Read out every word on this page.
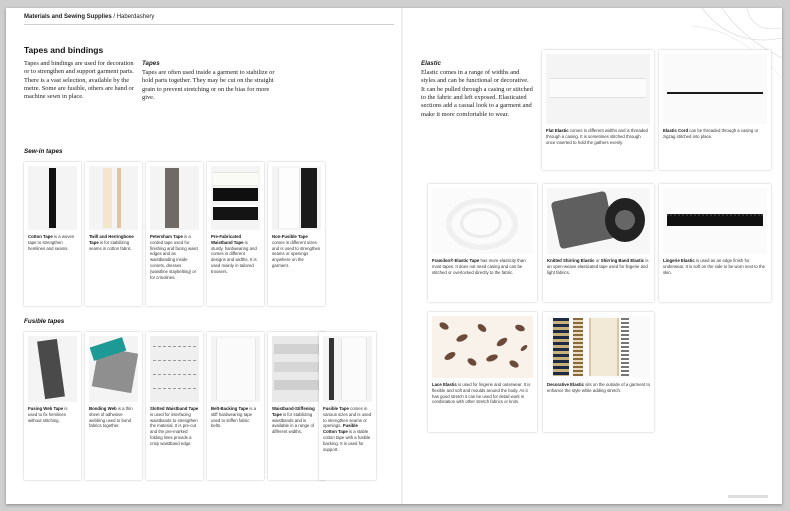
Materials and Sewing Supplies / Haberdashery
Tapes and bindings
Tapes and bindings are used for decoration or to strengthen and support garment parts. There is a vast selection, available by the metre. Some are fusible, others are hand or machine sewn in place.
Tapes
Tapes are often used inside a garment to stabilize or hold parts together. They may be cut on the straight grain to prevent stretching or on the bias for more give.
Elastic
Elastic comes in a range of widths and styles and can be functional or decorative. It can be pulled through a casing or stitched to the fabric and left exposed. Elasticated sections add a casual look to a garment and make it more comfortable to wear.
Sew-in tapes
Cotton Tape is a woven tape to strengthen hemlines and seams.
Twill and Herringbone Tape is for stabilizing seams in cotton fabric.
Petersham Tape is a corded tape used for finishing and facing waist edges and as waistbanding inside corsets, dresses (waistline staybelting) or for crinolines.
Pre-Fabricated Waistband Tape is sturdy, hardwearing and comes in different designs and widths. It is used mainly in tailored trousers.
Non-Fusible Tape comes in different sizes and is used to strengthen seams or openings anywhere on the garment.
Fusible tapes
Fusing Web Tape is used to fix hemlines without stitching.
Bonding Web is a thin sheet of adhesive webbing used to bond fabrics together.
Slotted Waistband Tape is used for interfacing waistbands to strengthen the material. It is pre-cut and the pre-marked folding lines provide a crisp waistband edge.
Belt-Backing Tape is a stiff hardwearing tape used to stiffen fabric belts.
Waistband-Stiffening Tape is for stabilizing waistbands and is available in a range of different widths.
Fusible Tape comes in various sizes and is used to strengthen seams or openings. Fusible Cotton Tape is a stable cotton tape with a fusible backing. It is used for support.
Flat Elastic comes in different widths and is threaded through a casing. It is sometimes stitched through once inserted to hold the gathers evenly.
Elastic Cord can be threaded through a casing or zigzag stitched into place.
Framilon® Elastic Tape has more elasticity than most tapes. It does not need casing and can be stitched or overlocked directly to the fabric.
Knitted Shirring Elastic or Shirring Band Elastic is an open-weave elasticated tape used for lingerie and light fabrics.
Lingerie Elastic is used as an edge finish for underwear. It is soft on the side to be worn next to the skin.
Lace Elastic is used for lingerie and outerwear. It is flexible and soft and moulds around the body. As it has good stretch it can be used for detail work in combination with other stretch fabrics or knits.
Decorative Elastic sits on the outside of a garment to enhance the style while adding stretch.
